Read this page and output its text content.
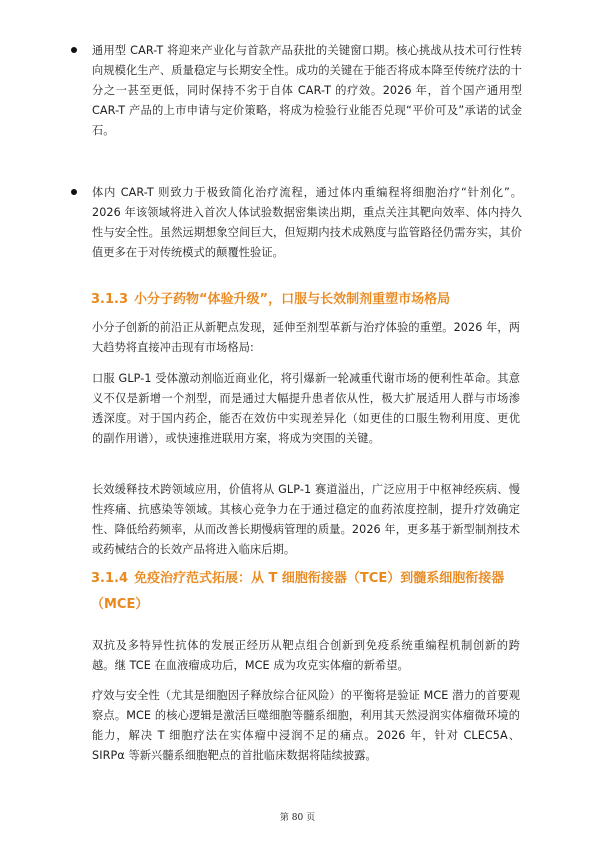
通用型 CAR-T 将迎来产业化与首款产品获批的关键窗口期。核心挑战从技术可行性转向规模化生产、质量稳定与长期安全性。成功的关键在于能否将成本降至传统疗法的十分之一甚至更低，同时保持不劣于自体 CAR-T 的疗效。2026 年，首个国产通用型 CAR-T 产品的上市申请与定价策略，将成为检验行业能否兑现“平价可及”承诺的试金石。

体内 CAR-T 则致力于极致简化治疗流程，通过体内重编程将细胞治疗“针剂化”。2026 年该领域将进入首次人体试验数据密集读出期，重点关注其靶向效率、体内持久性与安全性。虽然远期想象空间巨大，但短期内技术成熟度与监管路径仍需夯实，其价值更多在于对传统模式的颠覆性验证。

3.1.3 小分子药物“体验升级”，口服与长效制剂重塑市场格局

小分子创新的前沿正从新靶点发现，延伸至剂型革新与治疗体验的重塑。2026 年，两大趋势将直接冲击现有市场格局:

口服 GLP-1 受体激动剂临近商业化，将引爆新一轮减重代谢市场的便利性革命。其意义不仅是新增一个剂型，而是通过大幅提升患者依从性，极大扩展适用人群与市场渗透深度。对于国内药企，能否在效仿中实现差异化（如更佳的口服生物利用度、更优的副作用谱），或快速推进联用方案，将成为突围的关键。

长效缓释技术跨领域应用，价值将从 GLP-1 赛道溢出，广泛应用于中枢神经疾病、慢性疼痛、抗感染等领域。其核心竞争力在于通过稳定的血药浓度控制，提升疗效确定性、降低给药频率，从而改善长期慢病管理的质量。2026 年，更多基于新型制剂技术或药械结合的长效产品将进入临床后期。

3.1.4 免疫治疗范式拓展：从 T 细胞衔接器（TCE）到髓系细胞衔接器
（MCE）

双抗及多特异性抗体的发展正经历从靶点组合创新到免疫系统重编程机制创新的跨越。继 TCE 在血液瘤成功后，MCE 成为攻克实体瘤的新希望。

疗效与安全性（尤其是细胞因子释放综合征风险）的平衡将是验证 MCE 潜力的首要观察点。MCE 的核心逻辑是激活巨噬细胞等髓系细胞，利用其天然浸润实体瘤微环境的能力，解决 T 细胞疗法在实体瘤中浸润不足的痛点。2026 年，针对 CLEC5A、SIRPα 等新兴髓系细胞靶点的首批临床数据将陆续披露。

第 80 页
